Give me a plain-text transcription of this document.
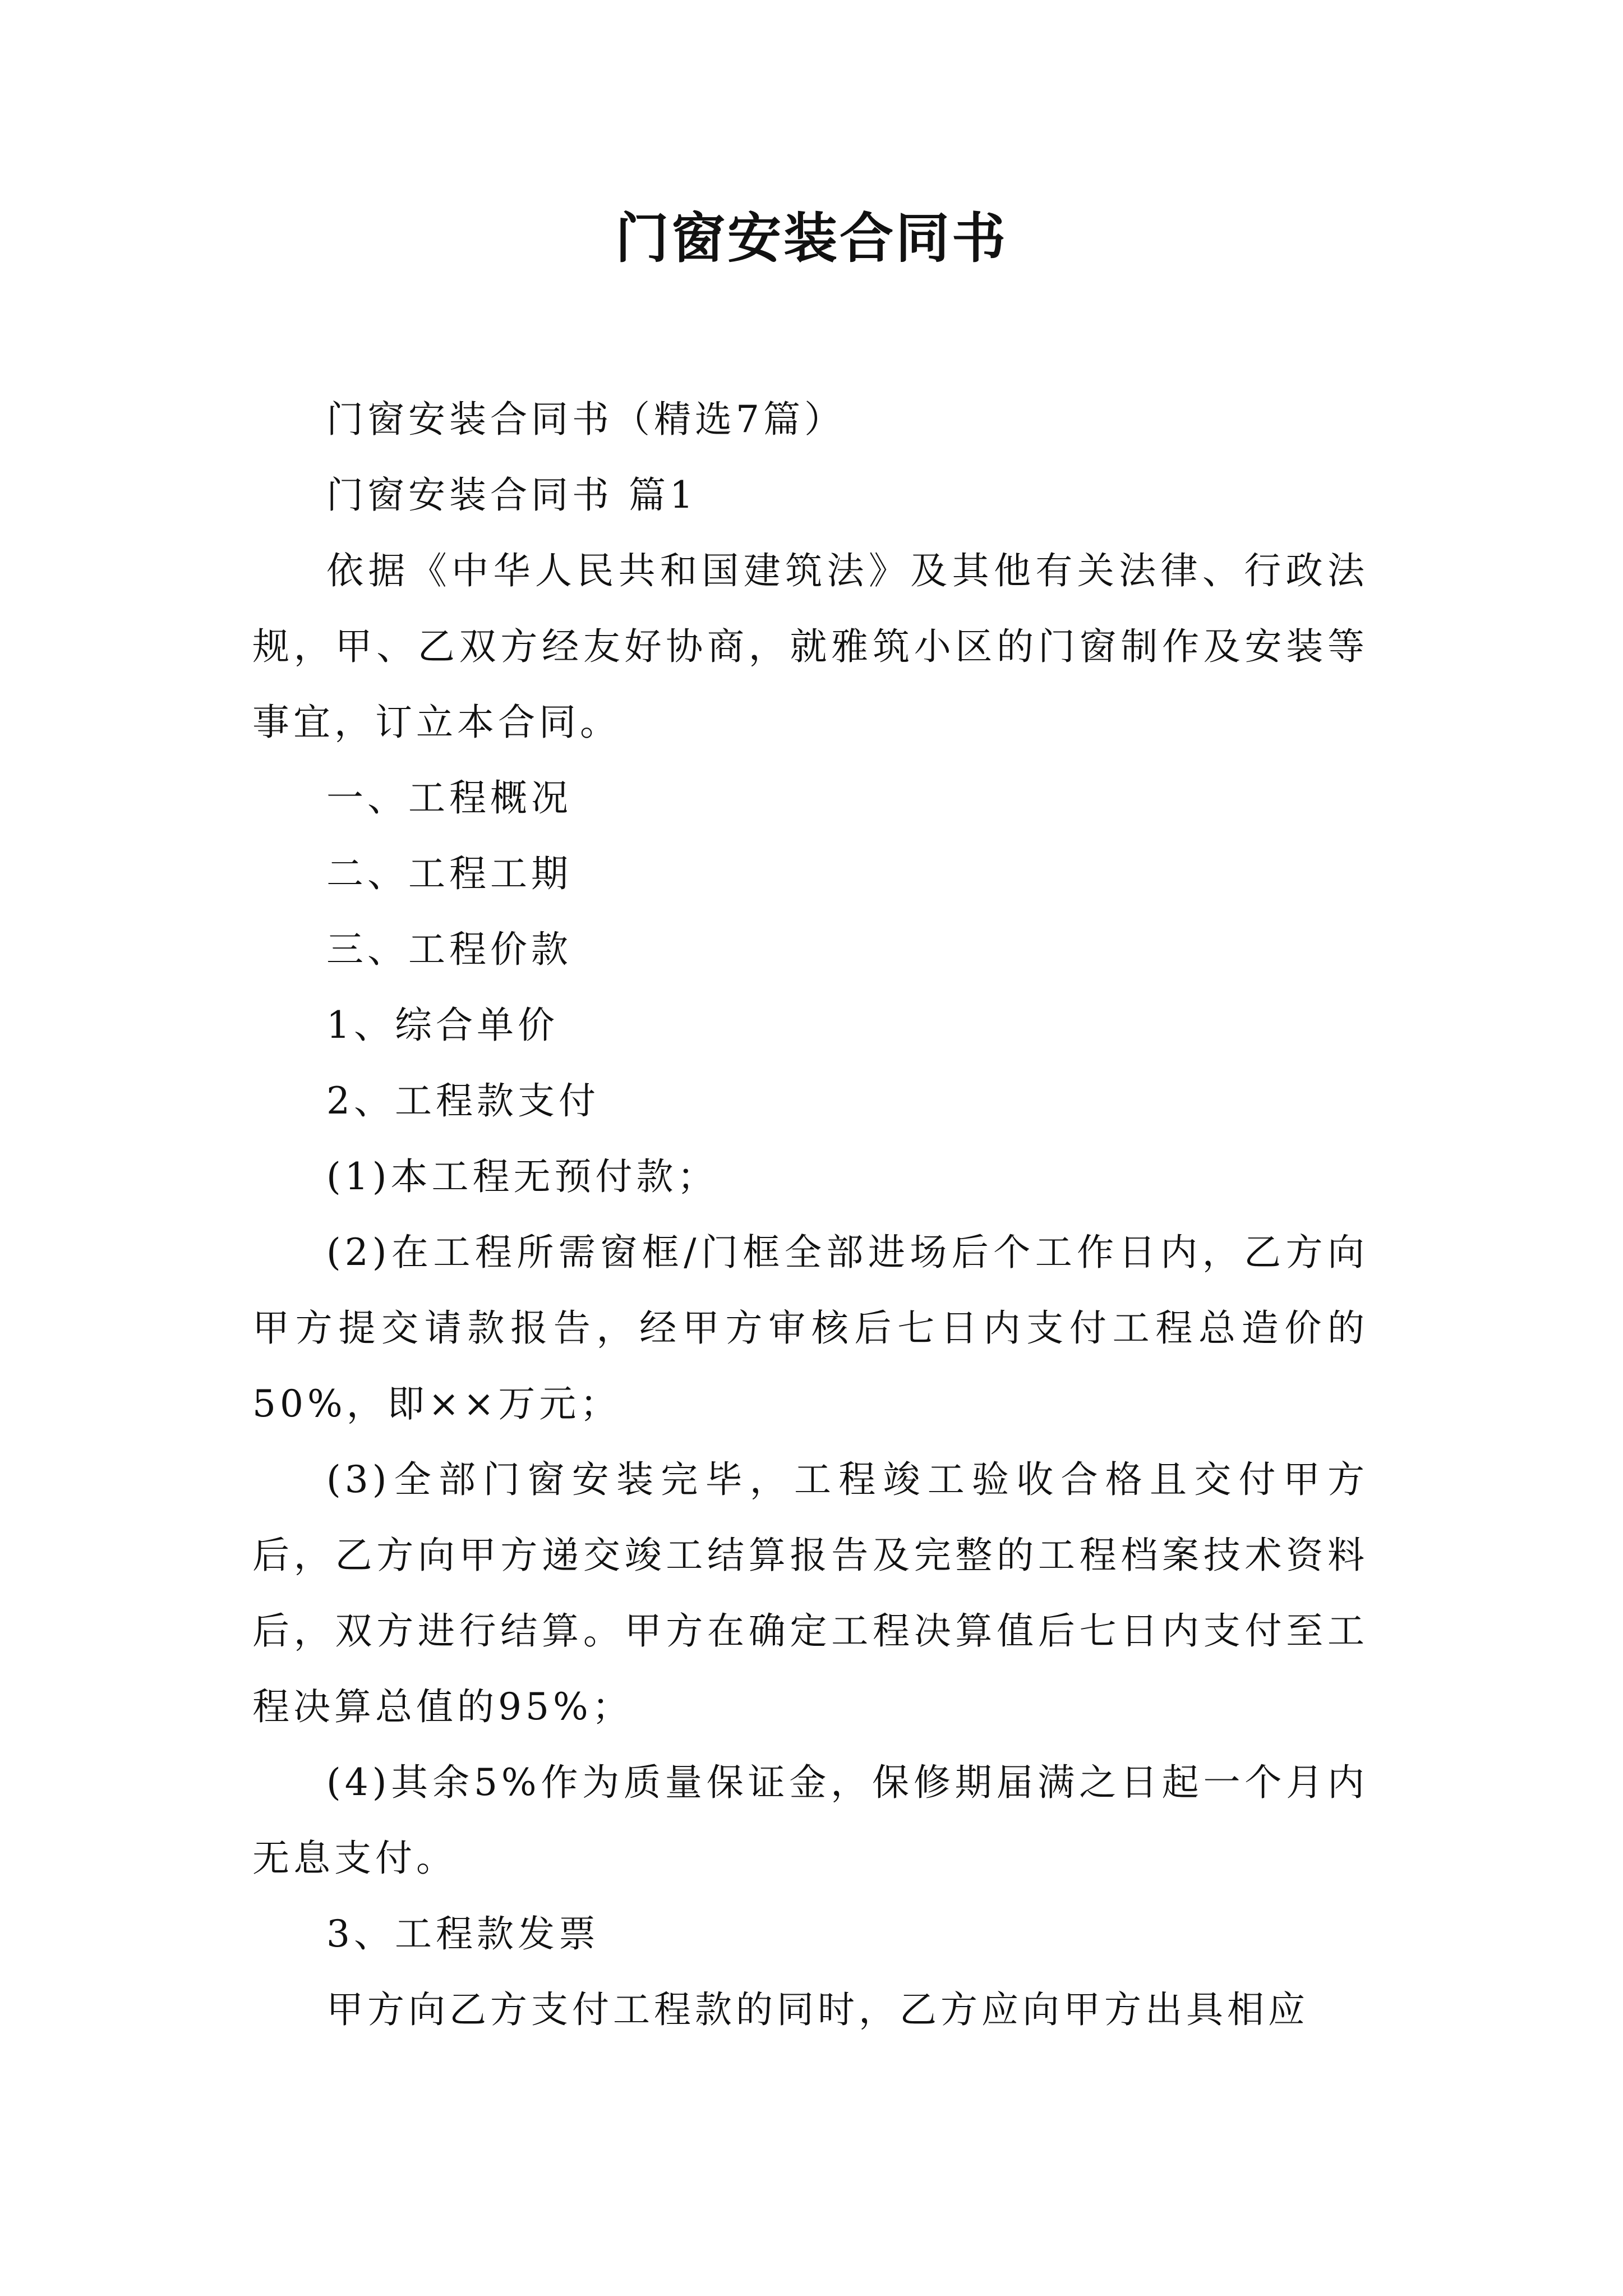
门窗安装合同书

门窗安装合同书（精选7篇）

门窗安装合同书 篇1

依据《中华人民共和国建筑法》及其他有关法律、行政法规，甲、乙双方经友好协商，就雅筑小区的门窗制作及安装等事宜，订立本合同。

一、工程概况

二、工程工期

三、工程价款

1、综合单价

2、工程款支付

(1)本工程无预付款；

(2)在工程所需窗框/门框全部进场后个工作日内，乙方向甲方提交请款报告，经甲方审核后七日内支付工程总造价的50%，即××万元；

(3)全部门窗安装完毕，工程竣工验收合格且交付甲方后，乙方向甲方递交竣工结算报告及完整的工程档案技术资料后，双方进行结算。甲方在确定工程决算值后七日内支付至工程决算总值的95%；

(4)其余5%作为质量保证金，保修期届满之日起一个月内无息支付。

3、工程款发票

甲方向乙方支付工程款的同时，乙方应向甲方出具相应
